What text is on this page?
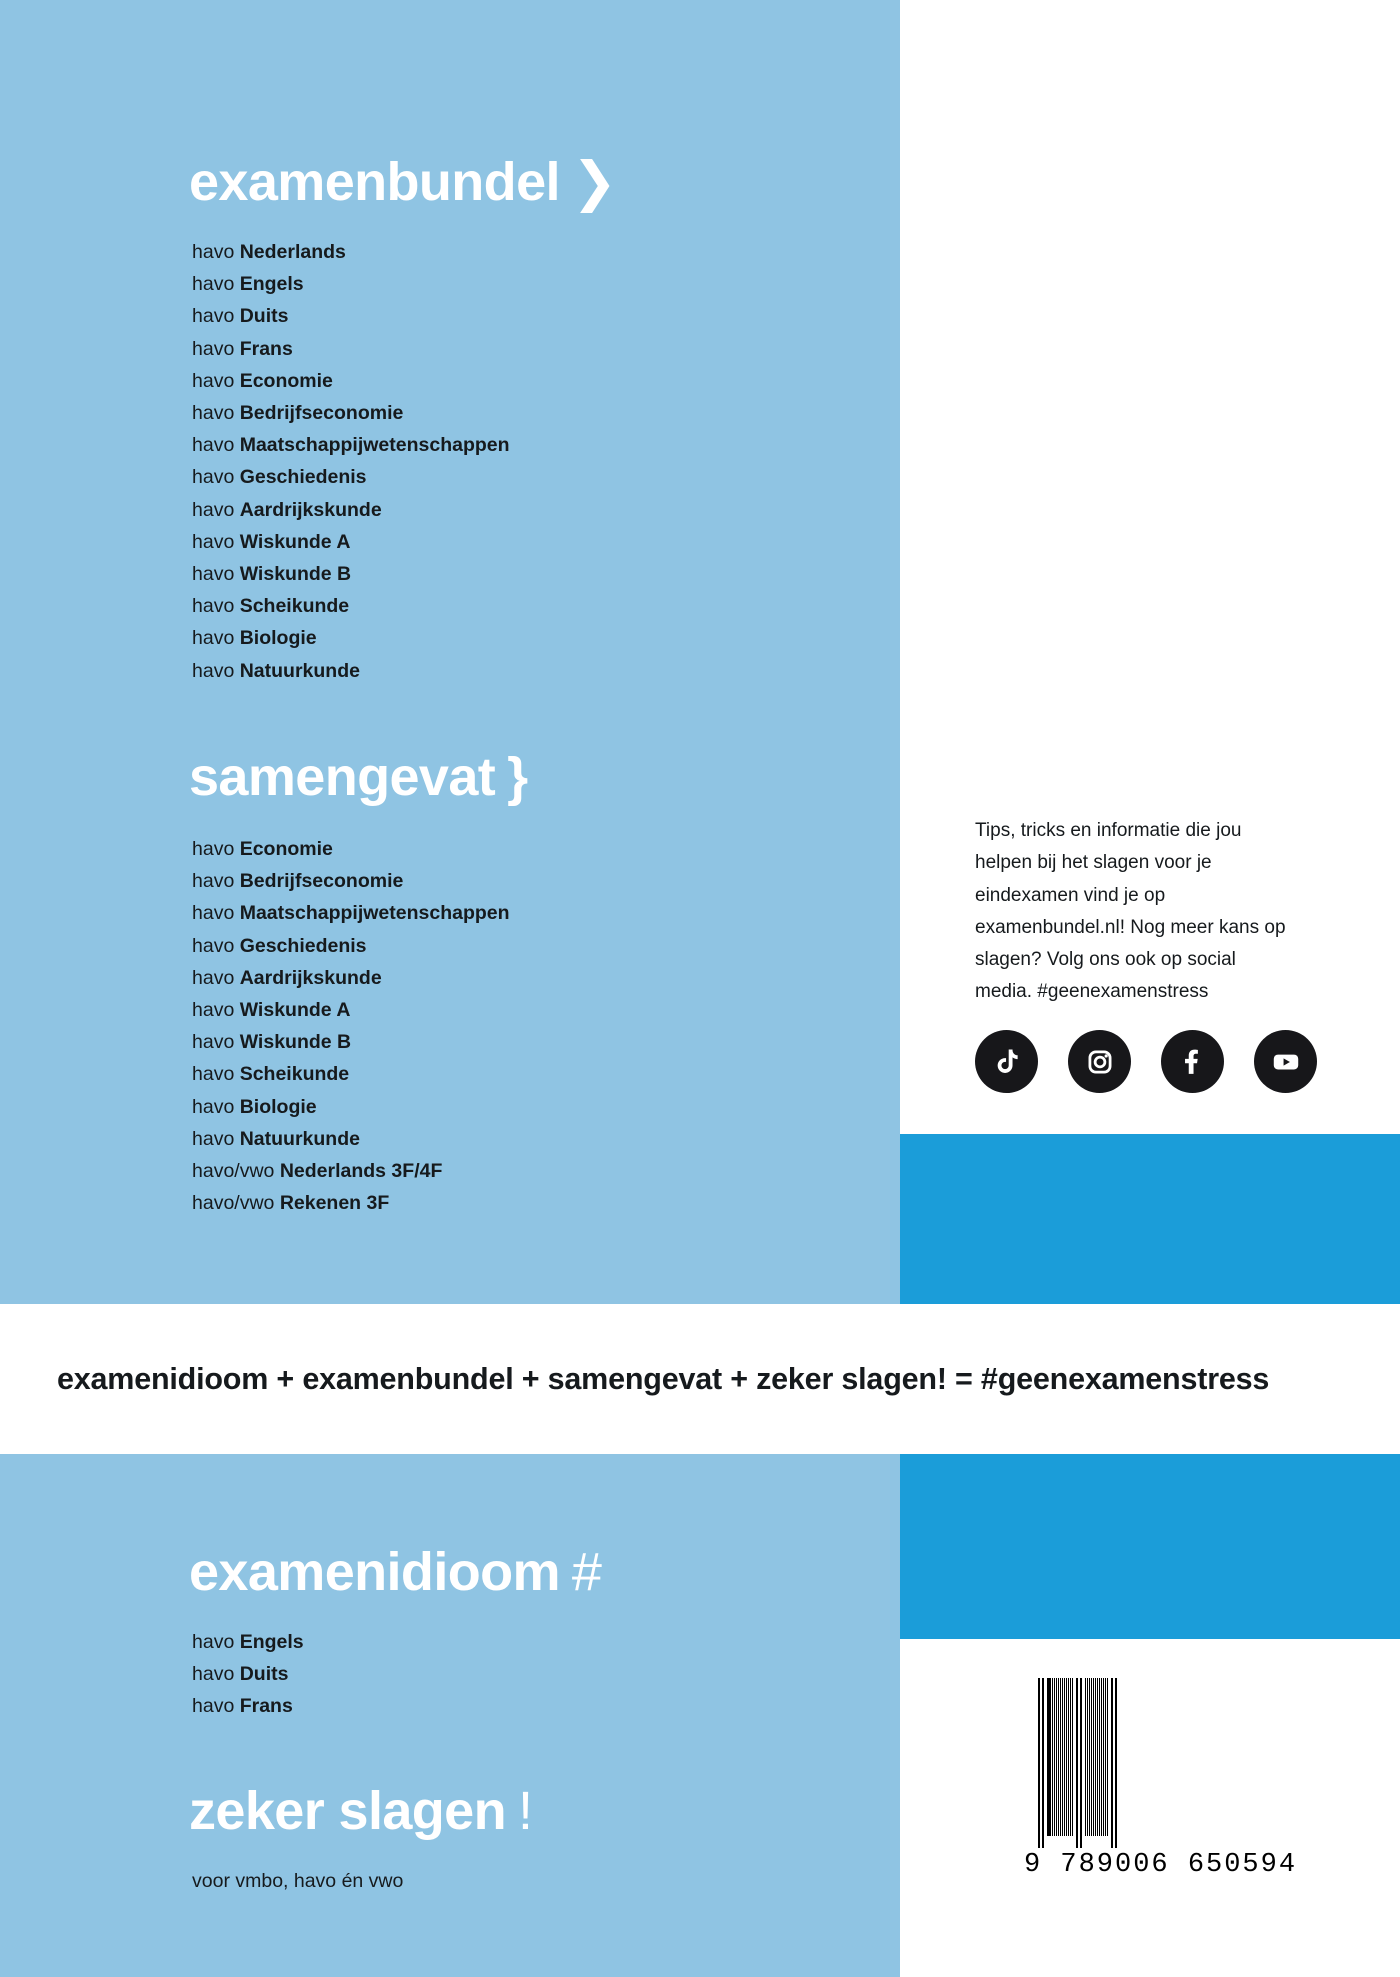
examenbundel ❯
havo Nederlands
havo Engels
havo Duits
havo Frans
havo Economie
havo Bedrijfseconomie
havo Maatschappijwetenschappen
havo Geschiedenis
havo Aardrijkskunde
havo Wiskunde A
havo Wiskunde B
havo Scheikunde
havo Biologie
havo Natuurkunde
samengevat }
havo Economie
havo Bedrijfseconomie
havo Maatschappijwetenschappen
havo Geschiedenis
havo Aardrijkskunde
havo Wiskunde A
havo Wiskunde B
havo Scheikunde
havo Biologie
havo Natuurkunde
havo/vwo Nederlands 3F/4F
havo/vwo Rekenen 3F
Tips, tricks en informatie die jou helpen bij het slagen voor je eindexamen vind je op examenbundel.nl! Nog meer kans op slagen? Volg ons ook op social media. #geenexamenstress
examenidioom + examenbundel + samengevat + zeker slagen! = #geenexamenstress
examenidioom #
havo Engels
havo Duits
havo Frans
zeker slagen !
voor vmbo, havo én vwo
9 789006 650594
